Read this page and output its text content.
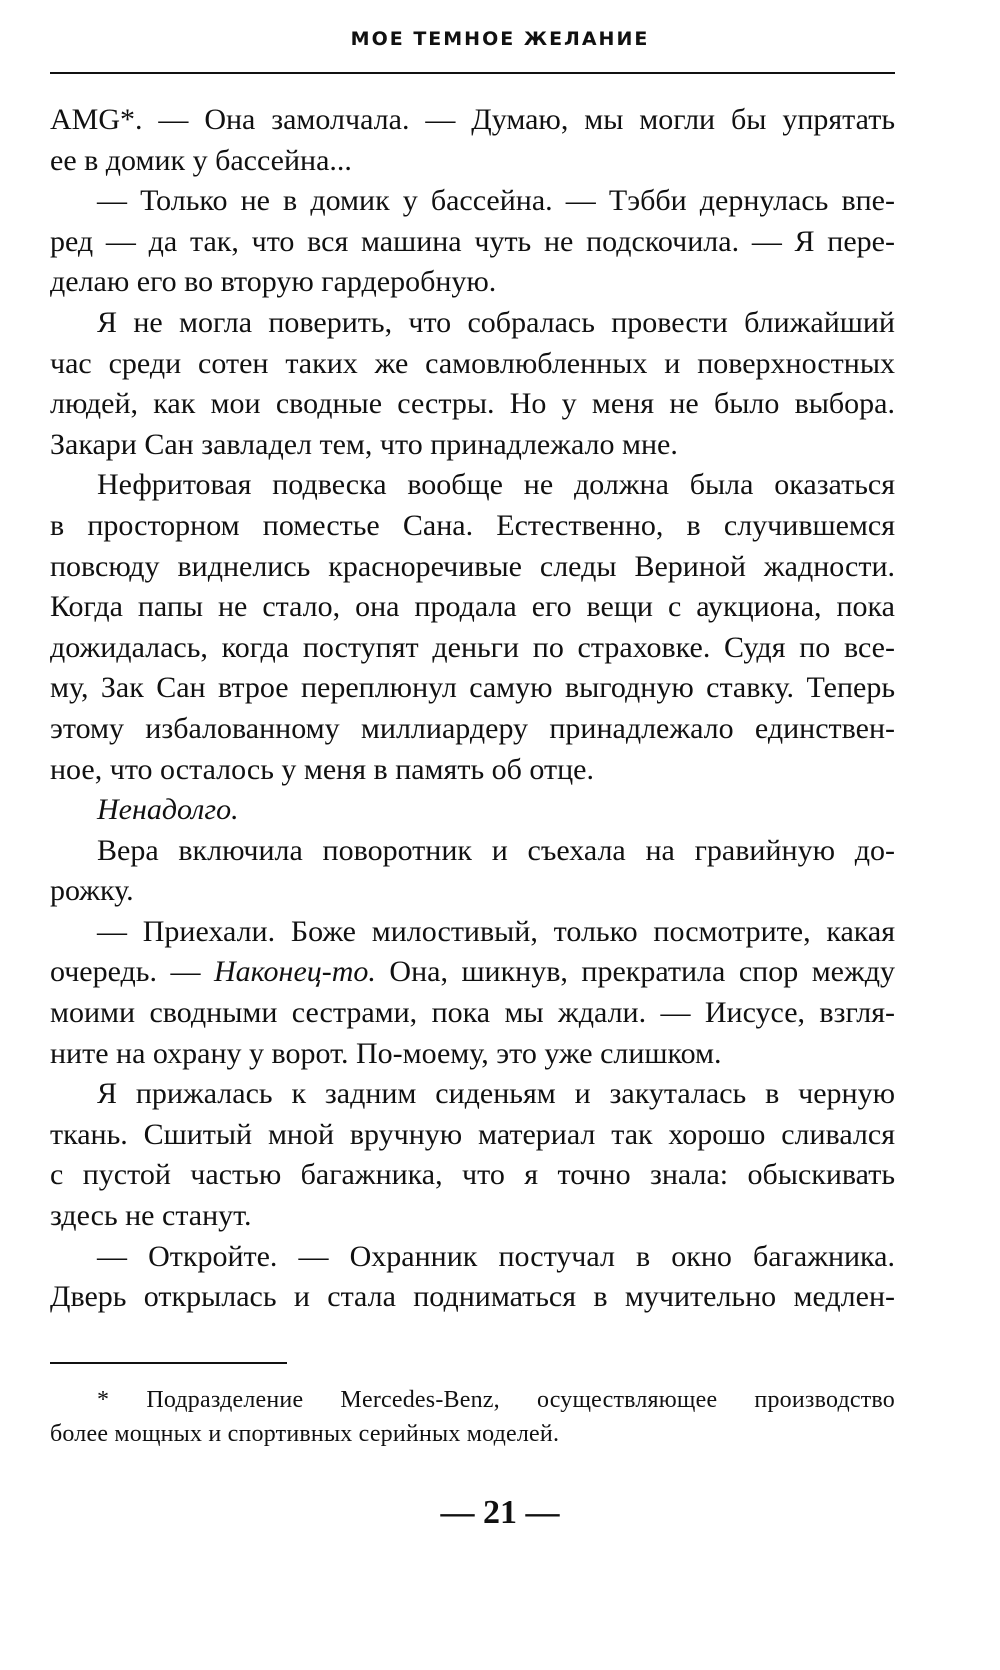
МОЕ ТЕМНОЕ ЖЕЛАНИЕ
AMG*. — Она замолчала. — Думаю, мы могли бы упрятать
ее в домик у бассейна...
— Только не в домик у бассейна. — Тэбби дернулась впе-
ред — да так, что вся машина чуть не подскочила. — Я пере-
делаю его во вторую гардеробную.
Я не могла поверить, что собралась провести ближайший
час среди сотен таких же самовлюбленных и поверхностных
людей, как мои сводные сестры. Но у меня не было выбора.
Закари Сан завладел тем, что принадлежало мне.
Нефритовая подвеска вообще не должна была оказаться
в просторном поместье Сана. Естественно, в случившемся
повсюду виднелись красноречивые следы Вериной жадности.
Когда папы не стало, она продала его вещи с аукциона, пока
дожидалась, когда поступят деньги по страховке. Судя по все-
му, Зак Сан втрое переплюнул самую выгодную ставку. Теперь
этому избалованному миллиардеру принадлежало единствен-
ное, что осталось у меня в память об отце.
Ненадолго.
Вера включила поворотник и съехала на гравийную до-
рожку.
— Приехали. Боже милостивый, только посмотрите, какая
очередь. — Наконец-то. Она, шикнув, прекратила спор между
моими сводными сестрами, пока мы ждали. — Иисусе, взгля-
ните на охрану у ворот. По-моему, это уже слишком.
Я прижалась к задним сиденьям и закуталась в черную
ткань. Сшитый мной вручную материал так хорошо сливался
с пустой частью багажника, что я точно знала: обыскивать
здесь не станут.
— Откройте. — Охранник постучал в окно багажника.
Дверь открылась и стала подниматься в мучительно медлен-
* Подразделение Mercedes-Benz, осуществляющее производство
более мощных и спортивных серийных моделей.
— 21 —
